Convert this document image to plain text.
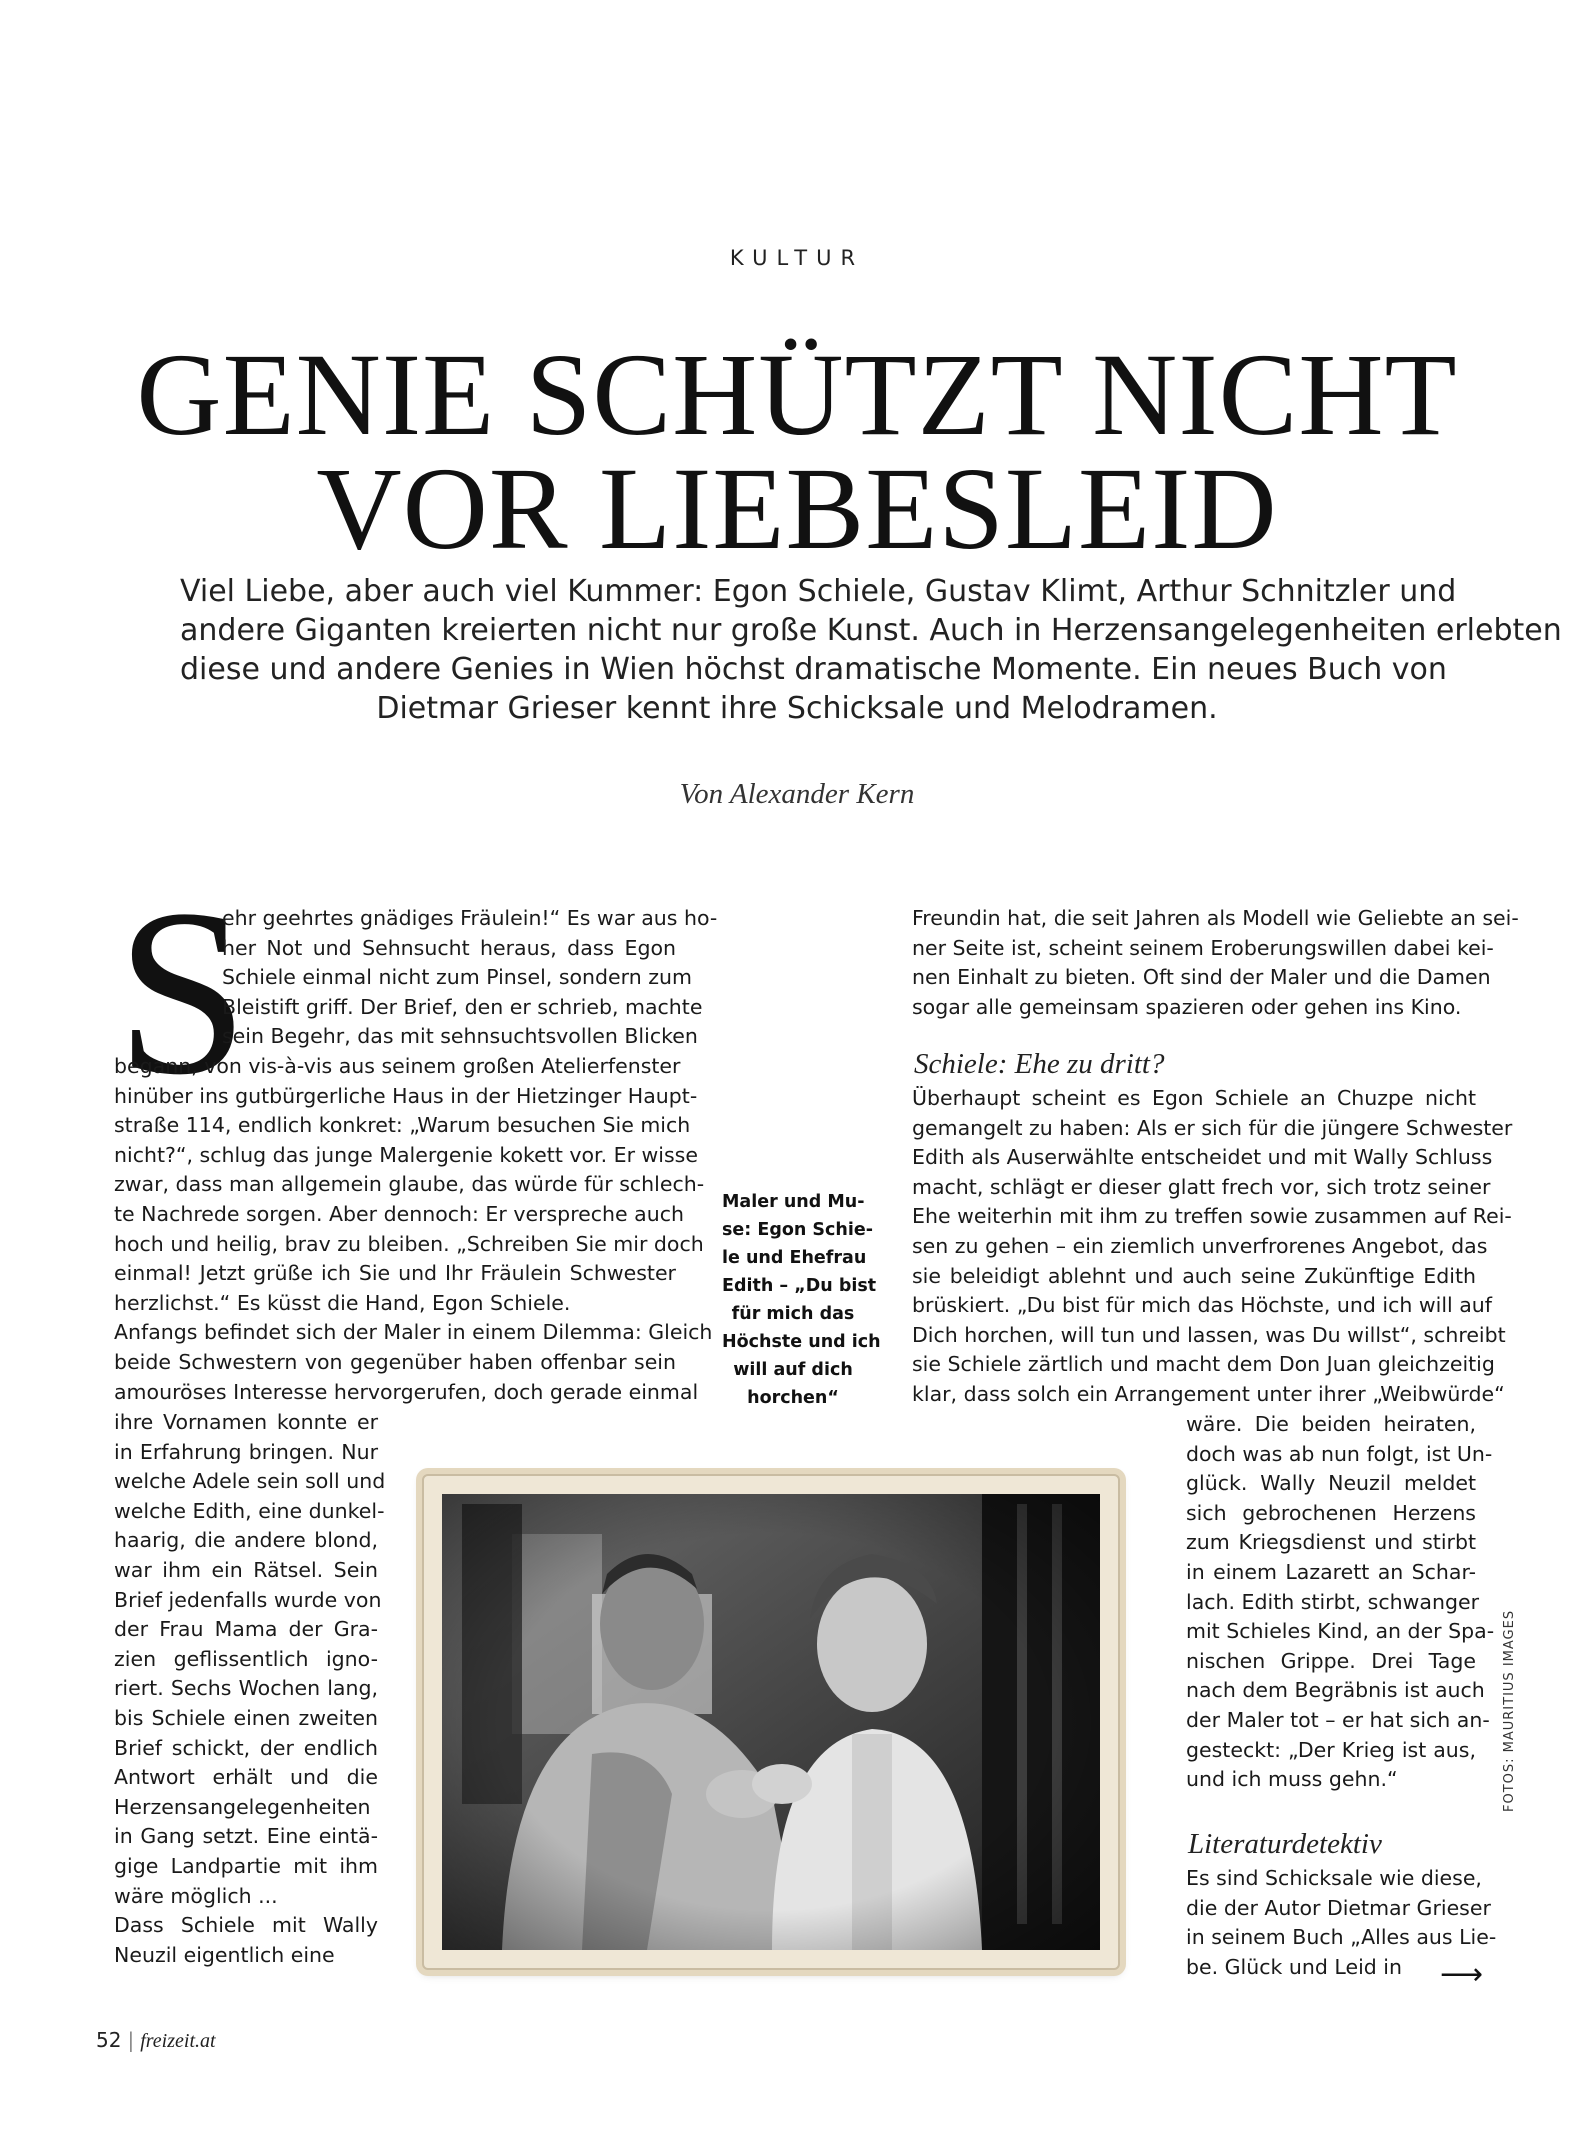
KULTUR
GENIE SCHÜTZT NICHT
VOR LIEBESLEID
Viel Liebe, aber auch viel Kummer: Egon Schiele, Gustav Klimt, Arthur Schnitzler und
andere Giganten kreierten nicht nur große Kunst. Auch in Herzensangelegenheiten erlebten
diese und andere Genies in Wien höchst dramatische Momente. Ein neues Buch von
Dietmar Grieser kennt ihre Schicksale und Melodramen.
Von Alexander Kern
S
ehr geehrtes gnädiges Fräulein!“ Es war aus ho-
her Not und Sehnsucht heraus, dass Egon
Schiele einmal nicht zum Pinsel, sondern zum
Bleistift griff. Der Brief, den er schrieb, machte
sein Begehr, das mit sehnsuchtsvollen Blicken
begann, von vis-à-vis aus seinem großen Atelierfenster
hinüber ins gutbürgerliche Haus in der Hietzinger Haupt-
straße 114, endlich konkret: „Warum besuchen Sie mich
nicht?“, schlug das junge Malergenie kokett vor. Er wisse
zwar, dass man allgemein glaube, das würde für schlech-
te Nachrede sorgen. Aber dennoch: Er verspreche auch
hoch und heilig, brav zu bleiben. „Schreiben Sie mir doch
einmal! Jetzt grüße ich Sie und Ihr Fräulein Schwester
herzlichst.“ Es küsst die Hand, Egon Schiele.
Anfangs befindet sich der Maler in einem Dilemma: Gleich
beide Schwestern von gegenüber haben offenbar sein
amouröses Interesse hervorgerufen, doch gerade einmal
ihre Vornamen konnte er
in Erfahrung bringen. Nur
welche Adele sein soll und
welche Edith, eine dunkel-
haarig, die andere blond,
war ihm ein Rätsel. Sein
Brief jedenfalls wurde von
der Frau Mama der Gra-
zien geflissentlich igno-
riert. Sechs Wochen lang,
bis Schiele einen zweiten
Brief schickt, der endlich
Antwort erhält und die
Herzensangelegenheiten
in Gang setzt. Eine eintä-
gige Landpartie mit ihm
wäre möglich ...
Dass Schiele mit Wally
Neuzil eigentlich eine
Maler und Mu-
se: Egon Schie-
le und Ehefrau
Edith – „Du bist
für mich das
Höchste und ich
will auf dich
horchen“
Freundin hat, die seit Jahren als Modell wie Geliebte an sei-
ner Seite ist, scheint seinem Eroberungswillen dabei kei-
nen Einhalt zu bieten. Oft sind der Maler und die Damen
sogar alle gemeinsam spazieren oder gehen ins Kino.
Schiele: Ehe zu dritt?
Überhaupt scheint es Egon Schiele an Chuzpe nicht
gemangelt zu haben: Als er sich für die jüngere Schwester
Edith als Auserwählte entscheidet und mit Wally Schluss
macht, schlägt er dieser glatt frech vor, sich trotz seiner
Ehe weiterhin mit ihm zu treffen sowie zusammen auf Rei-
sen zu gehen – ein ziemlich unverfrorenes Angebot, das
sie beleidigt ablehnt und auch seine Zukünftige Edith
brüskiert. „Du bist für mich das Höchste, und ich will auf
Dich horchen, will tun und lassen, was Du willst“, schreibt
sie Schiele zärtlich und macht dem Don Juan gleichzeitig
klar, dass solch ein Arrangement unter ihrer „Weibwürde“
wäre. Die beiden heiraten,
doch was ab nun folgt, ist Un-
glück. Wally Neuzil meldet
sich gebrochenen Herzens
zum Kriegsdienst und stirbt
in einem Lazarett an Schar-
lach. Edith stirbt, schwanger
mit Schieles Kind, an der Spa-
nischen Grippe. Drei Tage
nach dem Begräbnis ist auch
der Maler tot – er hat sich an-
gesteckt: „Der Krieg ist aus,
und ich muss gehn.“
Literaturdetektiv
Es sind Schicksale wie diese,
die der Autor Dietmar Grieser
in seinem Buch „Alles aus Lie-
be. Glück und Leid in ⟶
FOTOS: MAURITIUS IMAGES
52 | freizeit.at
